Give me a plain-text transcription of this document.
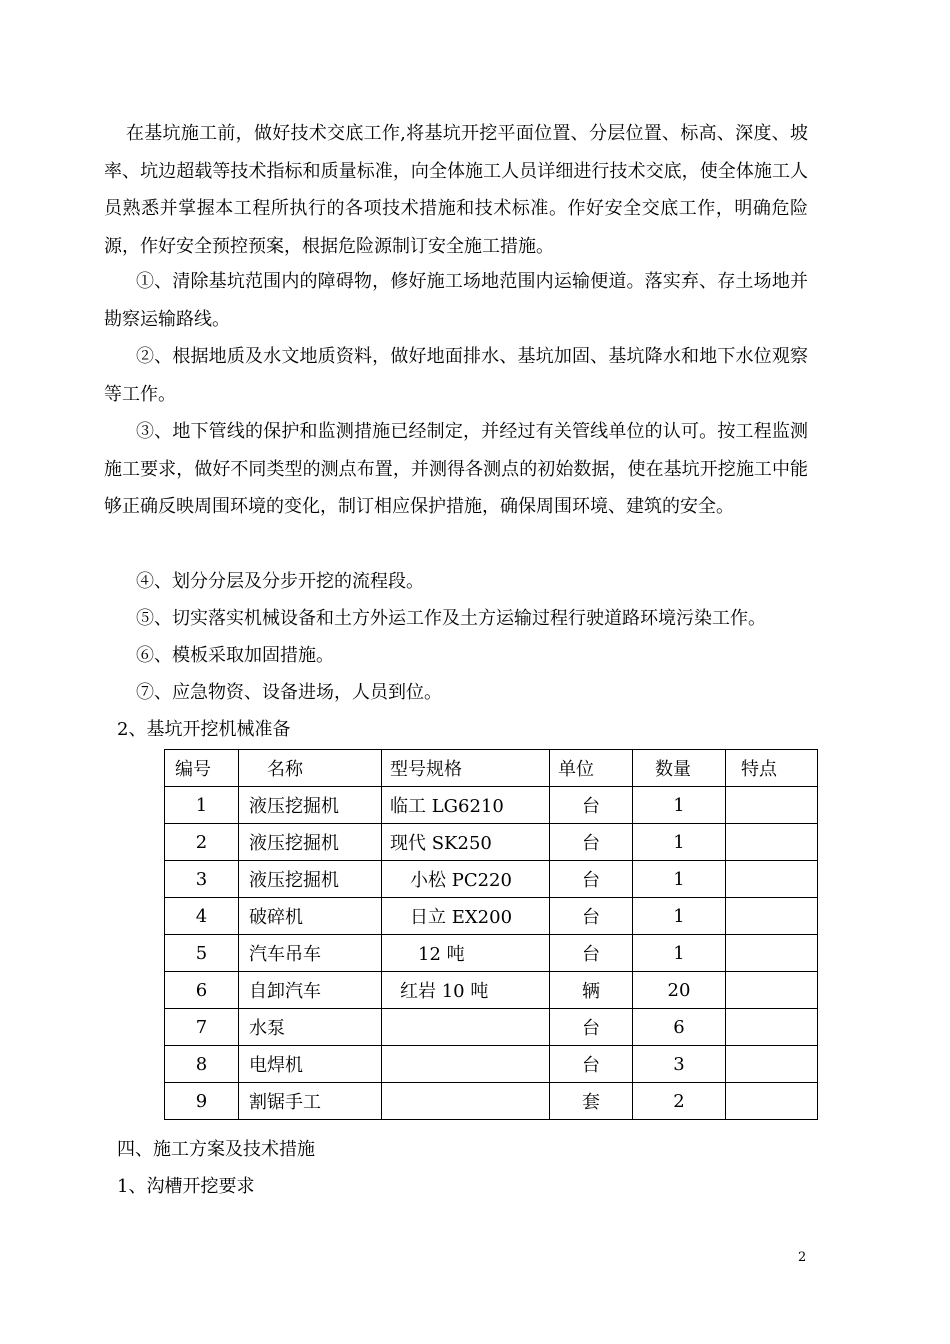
在基坑施工前，做好技术交底工作,将基坑开挖平面位置、分层位置、标高、深度、坡率、坑边超载等技术指标和质量标准，向全体施工人员详细进行技术交底，使全体施工人员熟悉并掌握本工程所执行的各项技术措施和技术标准。作好安全交底工作，明确危险源，作好安全预控预案，根据危险源制订安全施工措施。
①、清除基坑范围内的障碍物，修好施工场地范围内运输便道。落实弃、存土场地并勘察运输路线。
②、根据地质及水文地质资料，做好地面排水、基坑加固、基坑降水和地下水位观察等工作。
③、地下管线的保护和监测措施已经制定，并经过有关管线单位的认可。按工程监测施工要求，做好不同类型的测点布置，并测得各测点的初始数据，使在基坑开挖施工中能够正确反映周围环境的变化，制订相应保护措施，确保周围环境、建筑的安全。
④、划分分层及分步开挖的流程段。
⑤、切实落实机械设备和土方外运工作及土方运输过程行驶道路环境污染工作。
⑥、模板采取加固措施。
⑦、应急物资、设备进场，人员到位。
2、基坑开挖机械准备
编号	名称	型号规格	单位	数量	特点
1	液压挖掘机	临工 LG6210	台	1	
2	液压挖掘机	现代 SK250	台	1	
3	液压挖掘机	小松 PC220	台	1	
4	破碎机	日立 EX200	台	1	
5	汽车吊车	12 吨	台	1	
6	自卸汽车	红岩 10 吨	辆	20	
7	水泵		台	6	
8	电焊机		台	3	
9	割锯手工		套	2	
四、施工方案及技术措施
1、沟槽开挖要求
2
